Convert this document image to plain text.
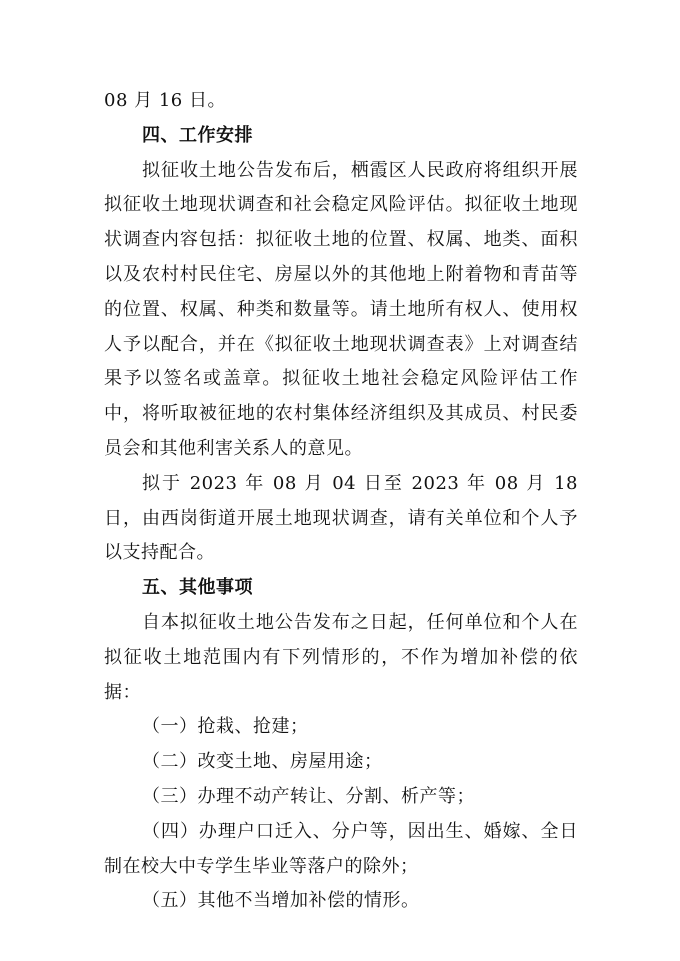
08 月 16 日。

四、工作安排

拟征收土地公告发布后，栖霞区人民政府将组织开展拟征收土地现状调查和社会稳定风险评估。拟征收土地现状调查内容包括：拟征收土地的位置、权属、地类、面积以及农村村民住宅、房屋以外的其他地上附着物和青苗等的位置、权属、种类和数量等。请土地所有权人、使用权人予以配合，并在《拟征收土地现状调查表》上对调查结果予以签名或盖章。拟征收土地社会稳定风险评估工作中，将听取被征地的农村集体经济组织及其成员、村民委员会和其他利害关系人的意见。

拟于 2023 年 08 月 04 日至 2023 年 08 月 18 日，由西岗街道开展土地现状调查，请有关单位和个人予以支持配合。

五、其他事项

自本拟征收土地公告发布之日起，任何单位和个人在拟征收土地范围内有下列情形的，不作为增加补偿的依据：

（一）抢栽、抢建；

（二）改变土地、房屋用途；

（三）办理不动产转让、分割、析产等；

（四）办理户口迁入、分户等，因出生、婚嫁、全日制在校大中专学生毕业等落户的除外；

（五）其他不当增加补偿的情形。
